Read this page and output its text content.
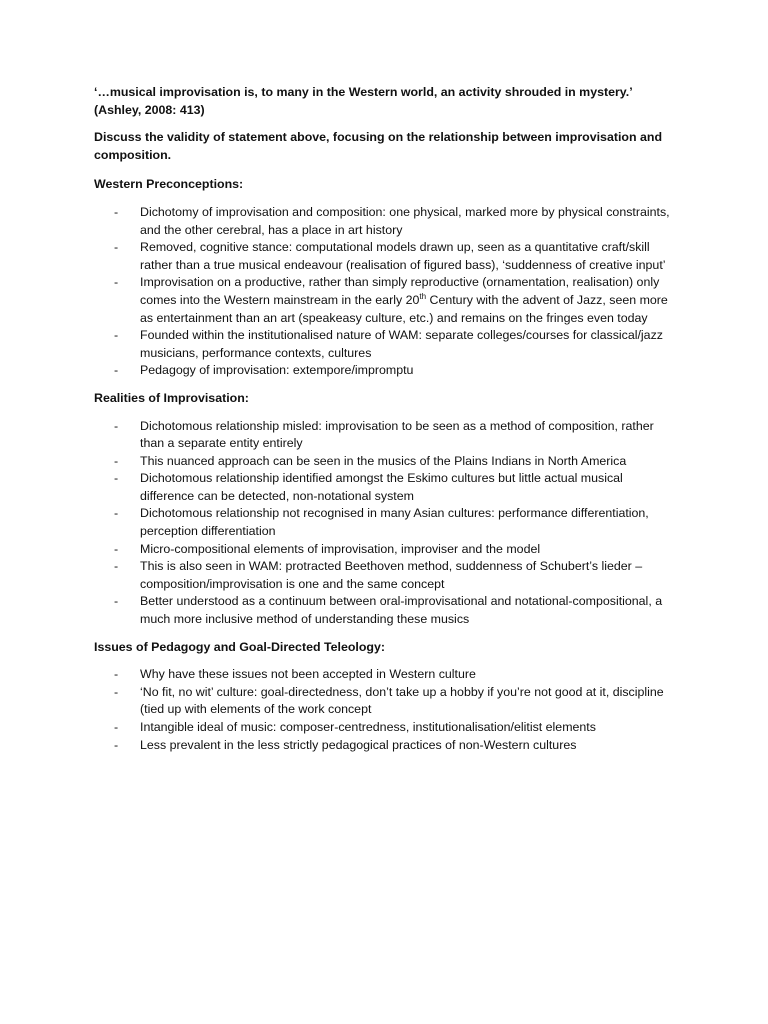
‘…musical improvisation is, to many in the Western world, an activity shrouded in mystery.’
(Ashley, 2008: 413)

Discuss the validity of statement above, focusing on the relationship between improvisation and composition.

Western Preconceptions:

- Dichotomy of improvisation and composition: one physical, marked more by physical constraints, and the other cerebral, has a place in art history
- Removed, cognitive stance: computational models drawn up, seen as a quantitative craft/skill rather than a true musical endeavour (realisation of figured bass), ‘suddenness of creative input’
- Improvisation on a productive, rather than simply reproductive (ornamentation, realisation) only comes into the Western mainstream in the early 20th Century with the advent of Jazz, seen more as entertainment than an art (speakeasy culture, etc.) and remains on the fringes even today
- Founded within the institutionalised nature of WAM: separate colleges/courses for classical/jazz musicians, performance contexts, cultures
- Pedagogy of improvisation: extempore/impromptu

Realities of Improvisation:

- Dichotomous relationship misled: improvisation to be seen as a method of composition, rather than a separate entity entirely
- This nuanced approach can be seen in the musics of the Plains Indians in North America
- Dichotomous relationship identified amongst the Eskimo cultures but little actual musical difference can be detected, non-notational system
- Dichotomous relationship not recognised in many Asian cultures: performance differentiation, perception differentiation
- Micro-compositional elements of improvisation, improviser and the model
- This is also seen in WAM: protracted Beethoven method, suddenness of Schubert’s lieder – composition/improvisation is one and the same concept
- Better understood as a continuum between oral-improvisational and notational-compositional, a much more inclusive method of understanding these musics

Issues of Pedagogy and Goal-Directed Teleology:

- Why have these issues not been accepted in Western culture
- ‘No fit, no wit’ culture: goal-directedness, don’t take up a hobby if you’re not good at it, discipline (tied up with elements of the work concept
- Intangible ideal of music: composer-centredness, institutionalisation/elitist elements
- Less prevalent in the less strictly pedagogical practices of non-Western cultures
